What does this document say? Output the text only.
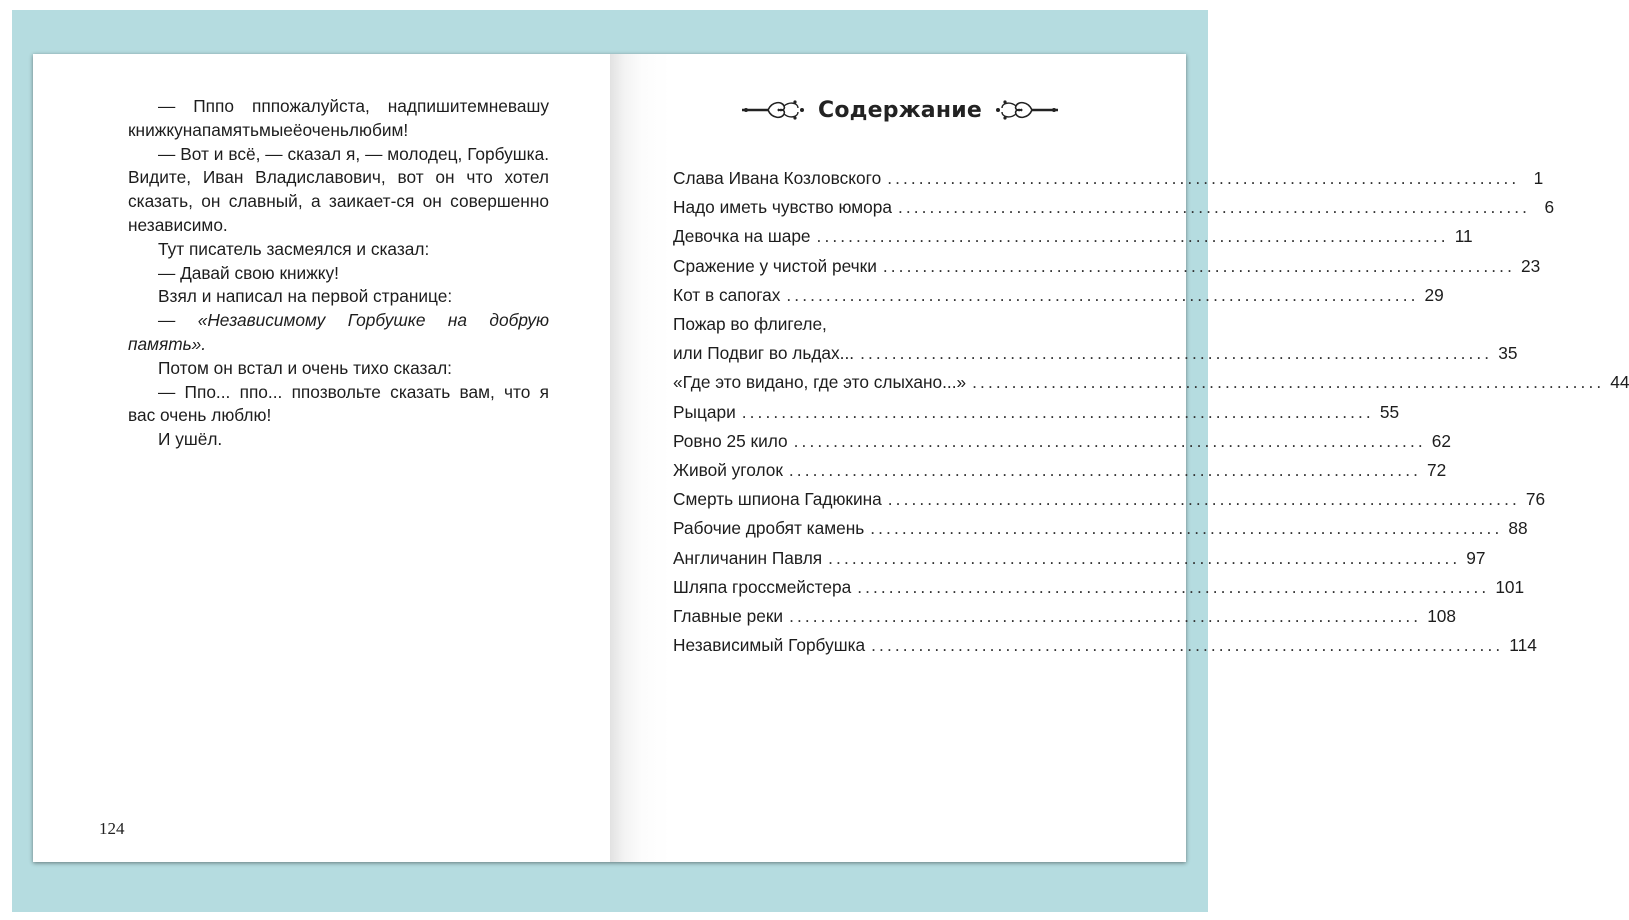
— Пппо пппожалуйста, надпишитемневашу книжкунапамятьмыеёоченьлюбим!

— Вот и всё, — сказал я, — молодец, Горбушка. Видите, Иван Владиславович, вот он что хотел сказать, он славный, а заикает-ся он совершенно независимо.

Тут писатель засмеялся и сказал:

— Давай свою книжку!

Взял и написал на первой странице:

— «Независимому Горбушке на добрую память».

Потом он встал и очень тихо сказал:

— Ппо... ппо... ппозвольте сказать вам, что я вас очень люблю!

И ушёл.

124
Содержание
Слава Ивана Козловского ................................................................................ 1
Надо иметь чувство юмора ................................................................................ 6
Девочка на шаре ................................................................................ 11
Сражение у чистой речки ................................................................................ 23
Кот в сапогах ................................................................................ 29
Пожар во флигеле,
или Подвиг во льдах... ................................................................................ 35
«Где это видано, где это слыхано...» ................................................................................ 44
Рыцари ................................................................................ 55
Ровно 25 кило ................................................................................ 62
Живой уголок ................................................................................ 72
Смерть шпиона Гадюкина ................................................................................ 76
Рабочие дробят камень ................................................................................ 88
Англичанин Павля ................................................................................ 97
Шляпа гроссмейстера ................................................................................ 101
Главные реки ................................................................................ 108
Независимый Горбушка ................................................................................ 114
